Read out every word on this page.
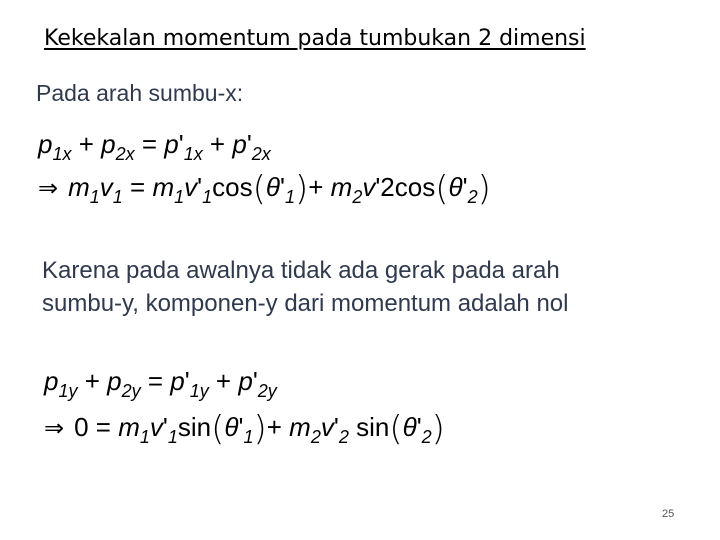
Kekekalan momentum pada tumbukan 2 dimensi
Pada arah sumbu-x:
$p_{1x} + p_{2x} = p'_{1x} + p'_{2x}$
⇒ $m_1v_1 = m_1v'_1\cos(\theta'_1)+ m_2v'2\cos(\theta'_2)$
Karena pada awalnya tidak ada gerak pada arah
sumbu-y, komponen-y dari momentum adalah nol
$p_{1y} + p_{2y} = p'_{1y} + p'_{2y}$
⇒ $0 = m_1v'_1\sin(\theta'_1)+ m_2v'_2$ $\sin(\theta'_2)$
25
